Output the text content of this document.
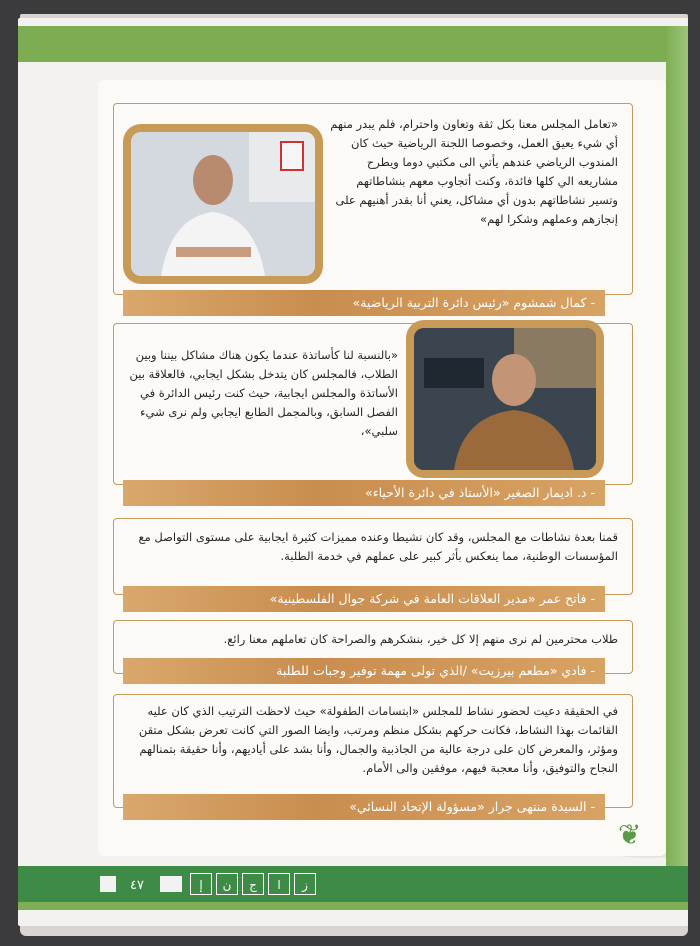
«تعامل المجلس معنا بكل ثقة وتعاون واحترام، فلم يبدر منهم أي شيء يعيق العمل، وخصوصا اللجنة الرياضية حيث كان المندوب الرياضي عندهم يأتي الى مكتبي دوما ويطرح مشاريعه الي كلها فائدة، وكنت أتجاوب معهم بنشاطاتهم وتسير نشاطاتهم بدون أي مشاكل، يعني أنا بقدر أهنيهم على إنجازهم وعملهم وشكرا لهم»
- كمال شمشوم «رئيس دائرة التربية الرياضية»
«بالنسبة لنا كأساتذة عندما يكون هناك مشاكل بيننا وبين الطلاب، فالمجلس كان يتدخل بشكل ايجابي، فالعلاقة بين الأساتذة والمجلس ايجابية، حيث كنت رئيس الدائرة في الفصل السابق، وبالمجمل الطابع ايجابي ولم نرى شيء سلبي»،
- د. اديمار الصغير «الأستاذ في دائرة الأحياء»
قمنا بعدة نشاطات مع المجلس، وقد كان نشيطا وعنده مميزات كثيرة ايجابية على مستوى التواصل مع المؤسسات الوطنية، مما ينعكس بأثر كبير على عملهم في خدمة الطلبة.
- فاتح عمر «مدير العلاقات العامة في شركة جوال الفلسطينية»
طلاب محترمين لم نرى منهم إلا كل خير، بنشكرهم والصراحة كان تعاملهم معنا رائع.
- فادي «مطعم بيرزيت» /الذي تولى مهمة توفير وجبات للطلبة
في الحقيقة دعيت لحضور نشاط للمجلس «ابتسامات الطفولة» حيث لاحظت الترتيب الذي كان عليه القائمات بهذا النشاط، فكانت حركهم بشكل منظم ومرتب، وايضا الصور التي كانت تعرض بشكل متقن ومؤثر، والمعرض كان على درجة عالية من الجاذبية والجمال، وأنا بشد على أياديهم، وأنا حقيقة بتمنالهم النجاح والتوفيق، وأنا معجبة فيهم، موفقين والى الأمام.
- السيدة منتهى جرار «مسؤولة الإتحاد النسائي»
❦
٤٧	إ	ن	ج	ا	ز
